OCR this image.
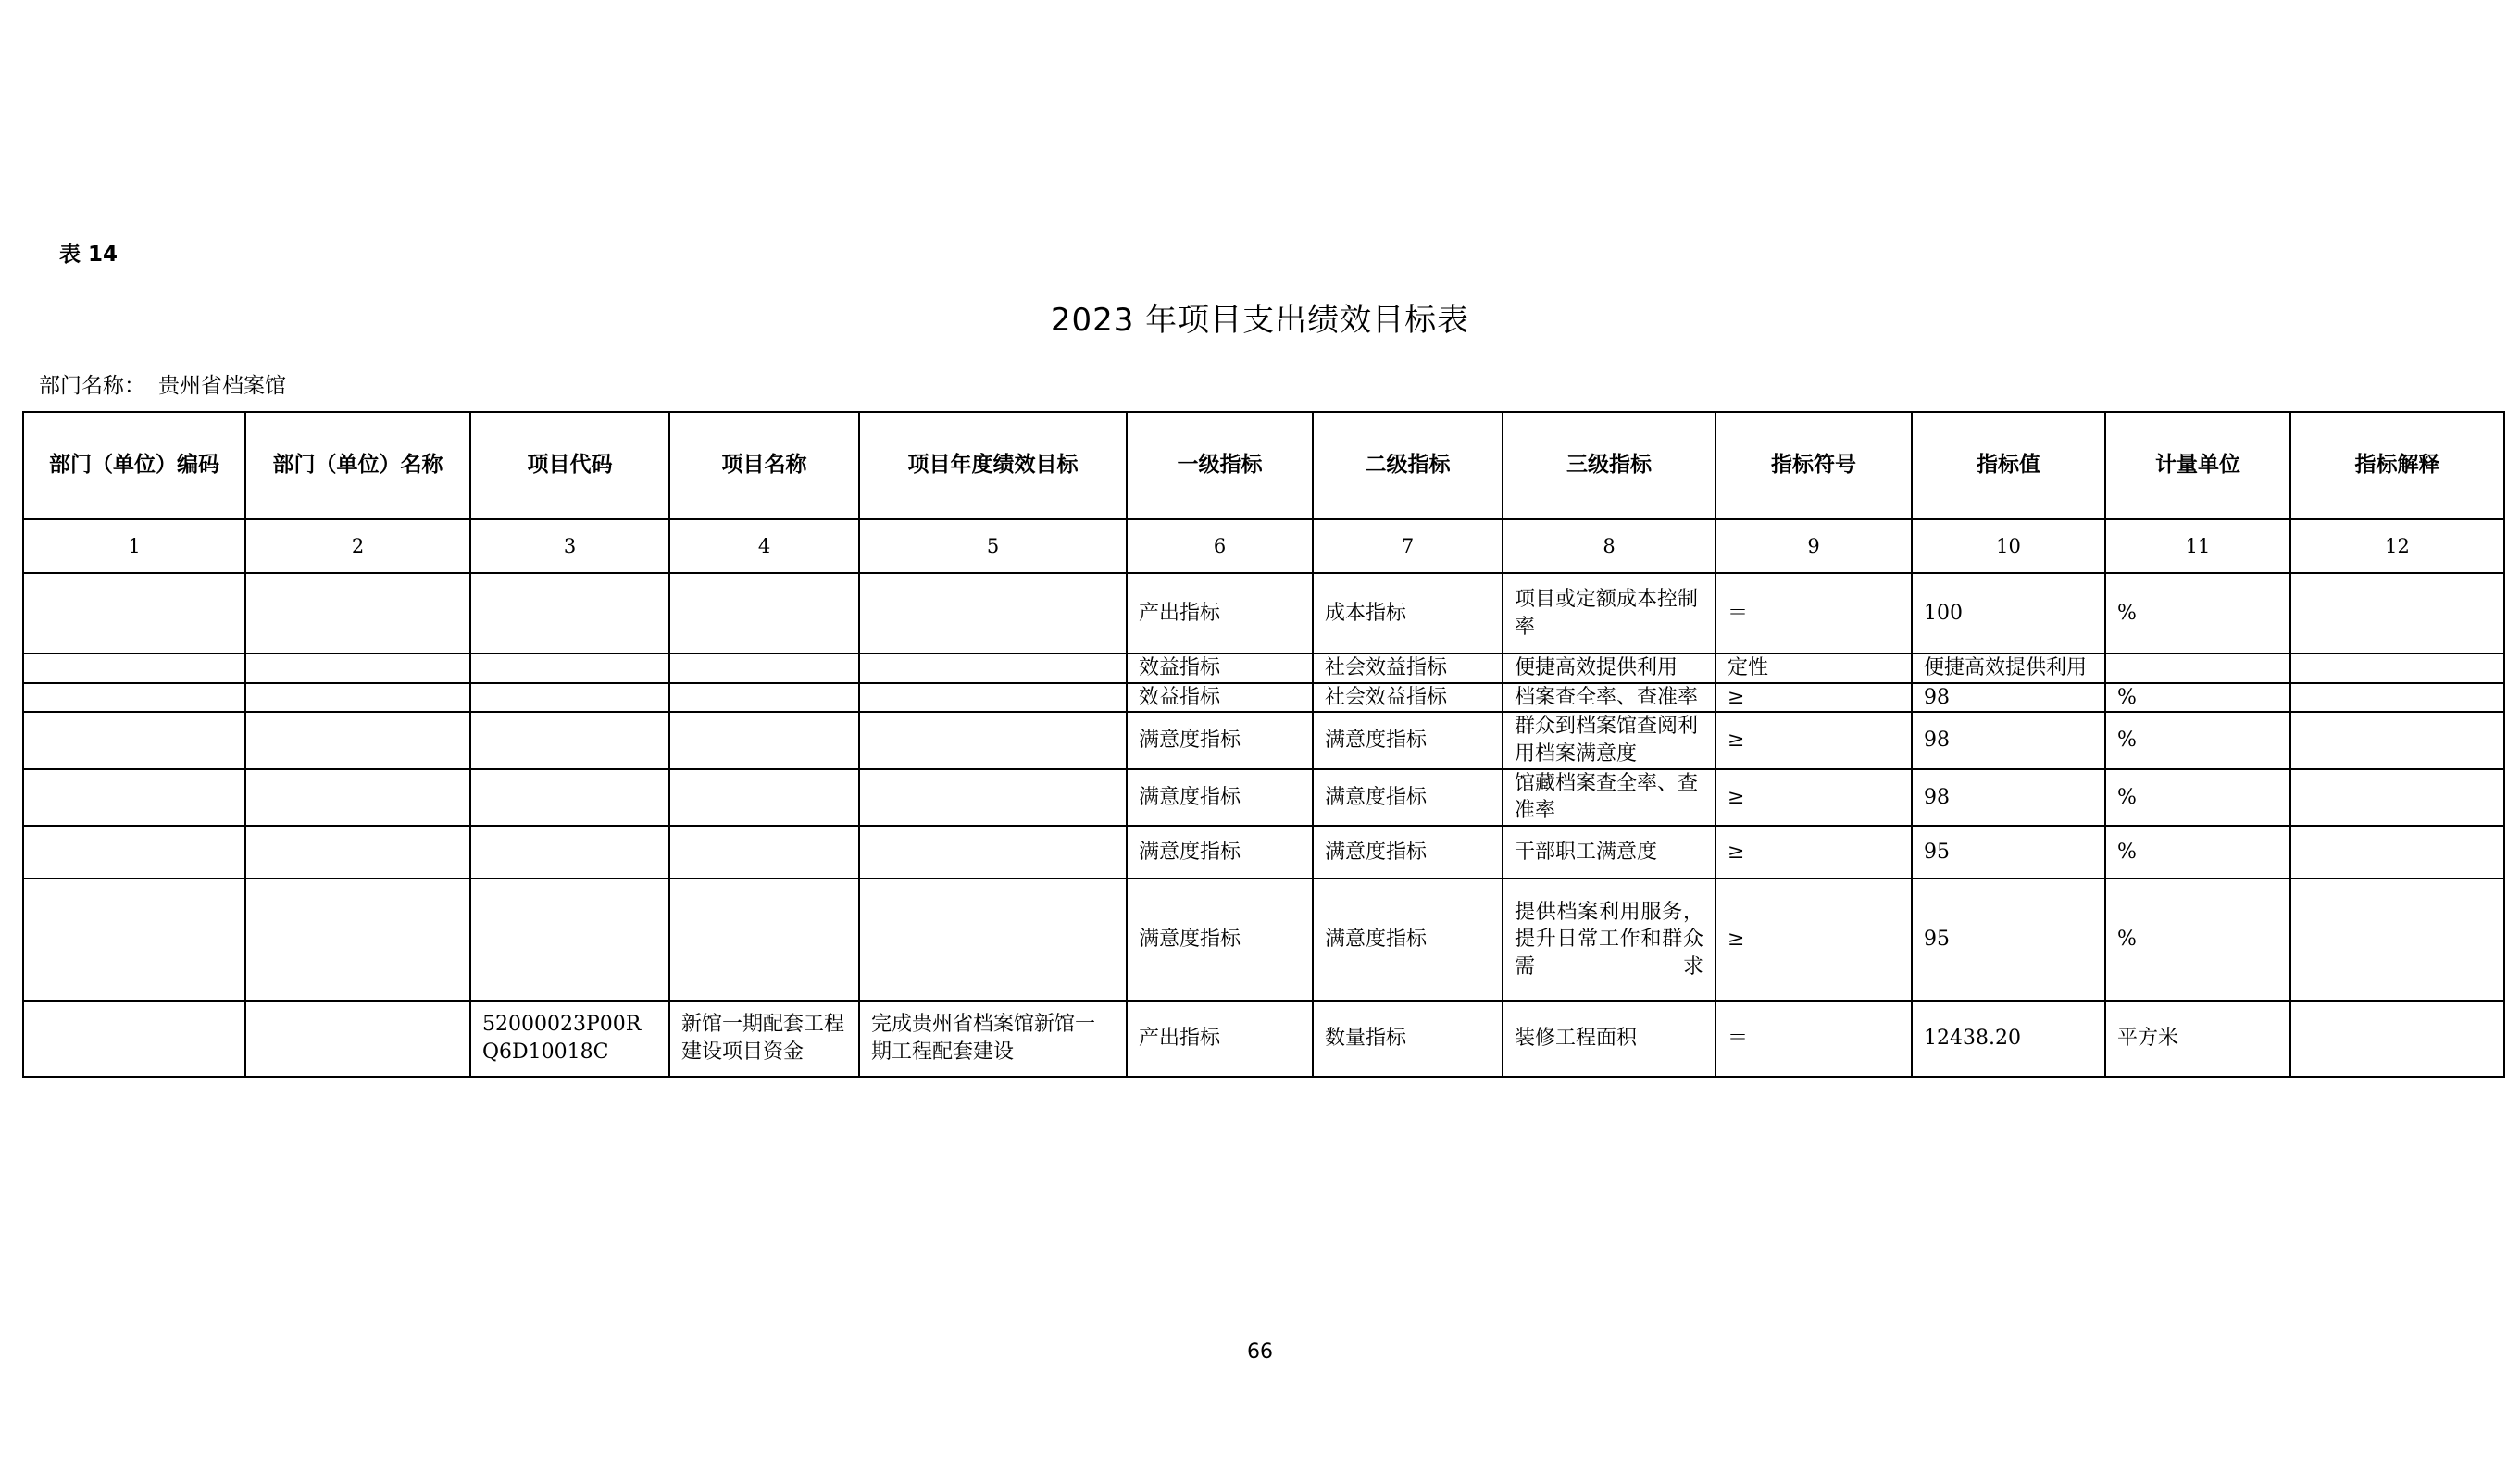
表 14
2023 年项目支出绩效目标表
部门名称： 贵州省档案馆
部门（单位）编码	部门（单位）名称	项目代码	项目名称	项目年度绩效目标	一级指标	二级指标	三级指标	指标符号	指标值	计量单位	指标解释
1	2	3	4	5	6	7	8	9	10	11	12
					产出指标	成本指标	项目或定额成本控制率	＝	100	%	
					效益指标	社会效益指标	便捷高效提供利用	定性	便捷高效提供利用		
					效益指标	社会效益指标	档案查全率、查准率	≥	98	%	
					满意度指标	满意度指标	群众到档案馆查阅利用档案满意度	≥	98	%	
					满意度指标	满意度指标	馆藏档案查全率、查准率	≥	98	%	
					满意度指标	满意度指标	干部职工满意度	≥	95	%	
					满意度指标	满意度指标	提供档案利用服务，提升日常工作和群众需求	≥	95	%	
		52000023P00RQ6D10018C	新馆一期配套工程建设项目资金	完成贵州省档案馆新馆一期工程配套建设	产出指标	数量指标	装修工程面积	＝	12438.20	平方米	
66
